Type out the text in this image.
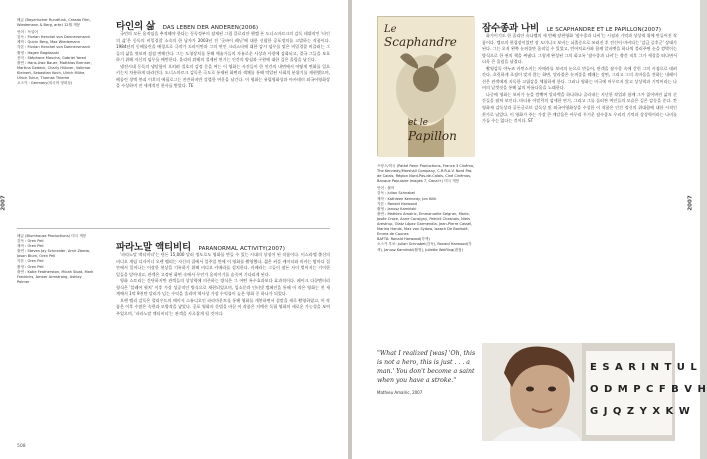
2007	2007

배급 (Bayerischer Rundfunk, Creado Film, Wiedemann & Berg, arte) 12월 개봉

언어 : 독일어

감독 : Florian Henckel von Donnersmarck

제작 : Quirin Berg, Max Wiedemann

각본 : Florian Henckel von Donnersmarck

촬영 : Hagen Bogdanski

음악 : Stéphane Moucha, Gabriel Yared

출연 : Hans-Uwe Bauer, Matthias Brenner, Martina Gedeck, Charly Hübner, Volkmar Kleinert, Sebastian Koch, Ulrich Mühe, Ulrich Tukur, Thomas Thieme

오스카 : Germany(외국어 영화상)

타인의 삶 DAS LEBEN DER ANDEREN(2006)

국민의 모든 움직임을 추적해야 한다는 동독정부의 잠재된 그림 클로리안 헨켈 폰 도너스마르크의 감독 데뷔작인 '타인의 삶'은 동독의 비밀경찰 소속의 한 남자가 2003년 전 '굿바이 레닌'에 대한 신랄한 공포정치를 고발하는 작품이다. 1984년의 동베를린을 배경으로 극작가 드라이만과 그의 연인 크리스타에 대한 감시 임무를 맡은 비밀경찰 비즐러는 그들의 삶을 엿보며 점점 변해간다. 그는 도청장치를 통해 예술가들의 자유로운 사상과 사랑에 감화되고, 결국 그들을 보호하기 위해 자신의 임무를 배반한다. 울리히 뮈헤의 절제된 연기는 인간의 양심과 구원에 대한 깊은 울림을 남긴다.

냉전시대 동독의 냉담함이 오히려 절호의 감정 문을 여는 이 영화는 사건들이 한 인간의 내면에서 어떻게 변화를 일으키는지 차분하게 따라간다. 도너스마르크 감독은 극도로 통제된 화면과 색채를 통해 억압된 사회의 분위기를 재현했으며, 베를린 장벽 붕괴 이후의 에필로그는 잔잔하지만 강렬한 여운을 남긴다. 이 영화는 유럽영화상과 아카데미 외국어영화상을 수상하며 전 세계적인 찬사를 받았다. TE

배급 (Blumhouse Productions) 미국 개봉

감독 : Oren Peli

제작 : Oren Peli

출연 : Steven Jay Schneider, Amir Zbeda, Jason Blum, Oren Peli

각본 : Oren Peli

촬영 : Oren Peli

출연 : Katie Featherston, Micah Sloat, Mark Fredrichs, Amber Armstrong, Ashley Palmer

파라노말 액티비티 PARANORMAL ACTIVITY(2007)

'파라노말 액티비티'는 단돈 15,000 달러 정도로도 영화를 만들 수 있는 시대의 상징이 된 작품이다. 이스라엘 출신의 비디오 게임 디자이너 오렌 펠리는 자신의 집에서 일주일 만에 이 영화를 촬영했다. 젊은 커플 케이티와 미카는 밤마다 집안에서 일어나는 이상한 현상을 기록하기 위해 비디오 카메라를 설치한다. 카메라는 그들이 잠든 사이 벌어지는 기이한 일들을 담아내고, 관객은 고정된 화면 속에서 무언가 움직이기를 숨죽여 기다리게 된다.

영화 스토리는 간단하지만 관객들의 상상력에 의존하는 방식은 그 어떤 특수효과보다 효과적이다. 페이크 다큐멘터리 형식은 '블레어 윗치' 이후 가장 성공적인 방식으로 재현되었으며, 입소문과 인터넷 캠페인을 통해 이 작은 영화는 전 세계에서 1억 9천만 달러가 넘는 수익을 올리며 역사상 가장 수익률이 높은 영화 중 하나가 되었다.

오렌 펠리 감독은 할리우드의 메이저 스튜디오인 파라마운트를 통해 영화를 개봉하면서 결말을 새로 촬영하였고, 이 작품은 이후 수많은 속편과 모방작을 낳았다. 공포 영화의 문법을 바꾼 이 작품은 저예산 독립 영화의 새로운 가능성을 보여주었으며, '파라노말 액티비티'는 관객을 사로잡게 될 것이다.

508
Le
Scaphandre
et le
Papillon
잠수종과 나비 LE SCAPHANDRE ET LE PAPILLON(2007)

프랑스/미국 (Pathé Renn Productions, France 3 Cinéma, The Kennedy/Marshall Company, C.R.R.A.V. Nord Pas de Calais, Région Nord-Pas-de-Calais, Ciné Cinémas, Banque Populaire Images 7, Canal+) 미국 개봉

언어 : 불어

감독 : Julian Schnabel

제작 : Kathleen Kennedy, Jon Kilik

각본 : Ronald Harwood

촬영 : Janusz Kamiński

출연 : Mathieu Amalric, Emmanuelle Seigner, Marie-Josée Croze, Anne Consigny, Patrick Chesnais, Niels Arestrup, Olatz López Garmendia, Jean-Pierre Cassel, Marina Hands, Max von Sydow, Isaach De Bankolé, Emma de Caunes

BAFTA: Ronald Harwood(각색)

오스카 후보: Julian Schnabel(감독), Ronald Harwood(각색), Janusz Kamiński(촬영), Juliette Welfling(편집)

화가이기도 한 줄리안 슈나벨의 세 번째 장편영화 '잠수종과 나비'는 시점과 기억과 상상력 위에 만들어진 작품이다. 엘르의 편집장이었던 장 도미니크 보비는 뇌졸중으로 쓰러진 후 전신이 마비되는 '감금 증후군' 상태가 된다. 그는 오직 왼쪽 눈꺼풀만 움직일 수 있었고, 언어치료사와 함께 알파벳을 하나씩 불러주면 눈을 깜박이는 방식으로 한 권의 책을 써냈다. 그렇게 완성된 그의 회고록 '잠수종과 나비'는 출간 직후 그가 세상을 떠나면서 더욱 큰 울림을 남겼다.

촬영감독 야누즈 카민스키는 카메라를 보비의 눈으로 만들어, 관객을 잠수종 속에 갇힌 그의 시점으로 데려간다. 흐릿하게 초점이 맞지 않는 화면, 말라붙은 눈꺼풀을 꿰매는 장면, 그리고 그의 속마음을 전하는 내레이션은 관객에게 지독한 고립감을 체험하게 한다. 그러나 영화는 비극에 머무르지 않고 상상력과 기억이라는 나비의 날갯짓을 통해 삶의 아름다움을 노래한다.

나중에 영화는 보비가 눈을 깜빡여 알파벳을 하나하나 골라내는 지난한 작업과 함께 그가 잃어버린 삶의 순간들을 펼쳐 보인다. 마티유 아말릭의 섬세한 연기, 그리고 그를 둘러싼 여인들의 모습은 깊은 감동을 준다. 칸 영화제 감독상과 골든글로브 감독상 및 외국어영화상을 수상한 이 작품은 인간 정신의 위대함에 대한 시적인 찬가로 남았다. 이 영화가 주는 가장 큰 깨달음은 아무리 무거운 잠수종도 우리의 기억과 상상력이라는 나비를 가둘 수는 없다는 것이다. ST

"What I realized [was] 'Oh, this is not a hero, this is just . . . a man.' You don't become a saint when you have a stroke."
Mathieu Amalric, 2007
E S A R I N T U L
O D M P C F B V H
G J Q Z Y X K W
